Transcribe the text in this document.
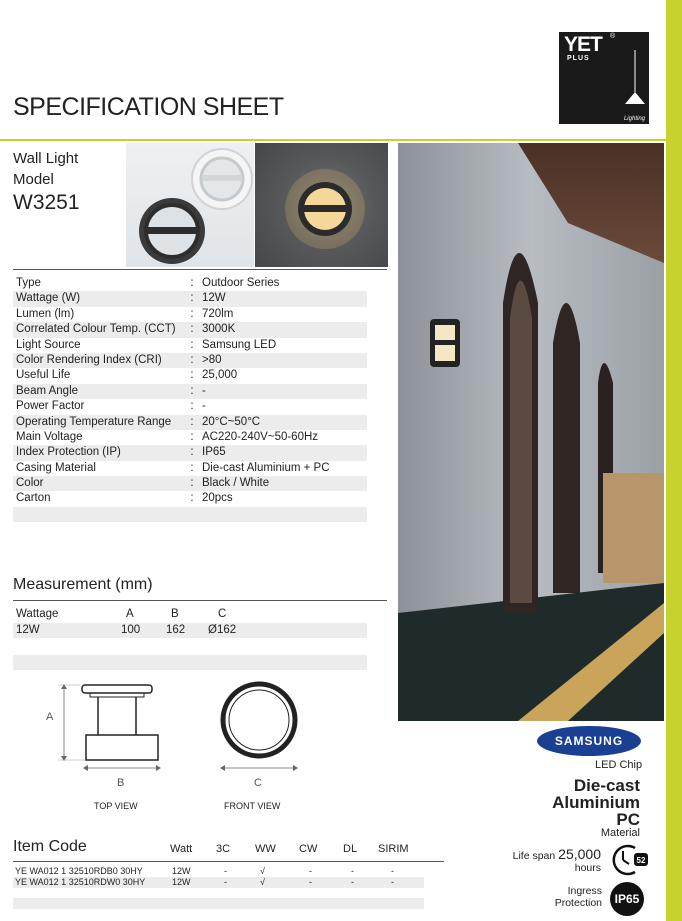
SPECIFICATION SHEET
YET ®
PLUS
Lighting
Wall Light
Model
W3251
Type	: Outdoor Series
Wattage (W)	: 12W
Lumen (lm)	: 720lm
Correlated Colour Temp. (CCT)	: 3000K
Light Source	: Samsung LED
Color Rendering Index (CRI)	: >80
Useful Life	: 25,000
Beam Angle	: -
Power Factor	: -
Operating Temperature Range	: 20°C~50°C
Main Voltage	: AC220-240V~50-60Hz
Index Protection (IP)	: IP65
Casing Material	: Die-cast Aluminium + PC
Color	: Black / White
Carton	: 20pcs
Measurement (mm)
Wattage	A	B	C
12W	100 162 Ø162
A
B	C
TOP VIEW	FRONT VIEW
SAMSUNG
LED Chip
Die-cast
Aluminium
PC
Material
Life span 25,000
hours
52
Ingress
Protection	IP65
Item Code	Watt 3C WW CW DL SIRIM
YE WA012 1 32510RDB0 30HY	12W	-	√	-	-	-
YE WA012 1 32510RDW0 30HY	12W	-	√	-	-	-
